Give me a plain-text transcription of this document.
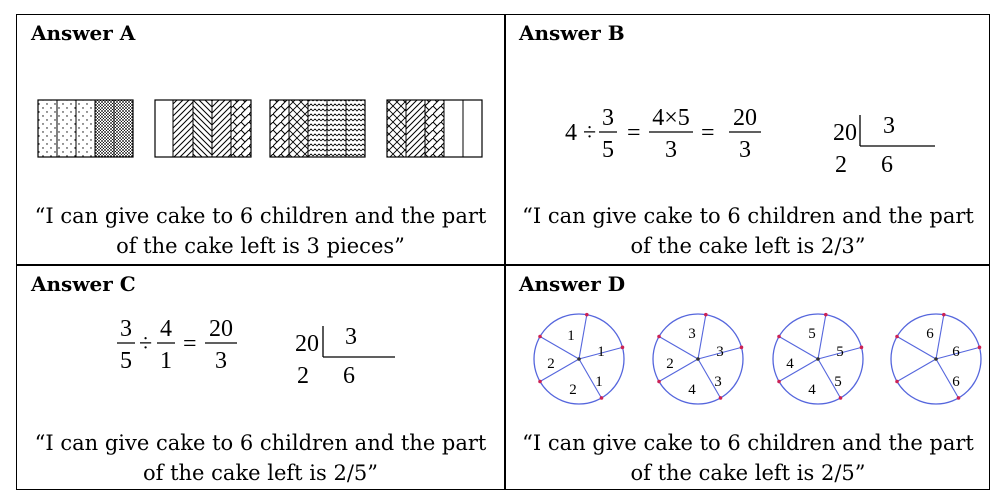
Answer A
“I can give cake to 6 children and the part
of the cake left is 3 pieces”
Answer B
4 ÷
3
5
=
4×5
3
=
20
3
20 3
2 6
“I can give cake to 6 children and the part
of the cake left is 2/3”
Answer C
3
5
÷
4
1
=
20
3
20 3
2 6
“I can give cake to 6 children and the part
of the cake left is 2/5”
Answer D
1
1
1
2
2
3
3
3
2
4
5
5
5
4
4
6
6
6
“I can give cake to 6 children and the part
of the cake left is 2/5”
